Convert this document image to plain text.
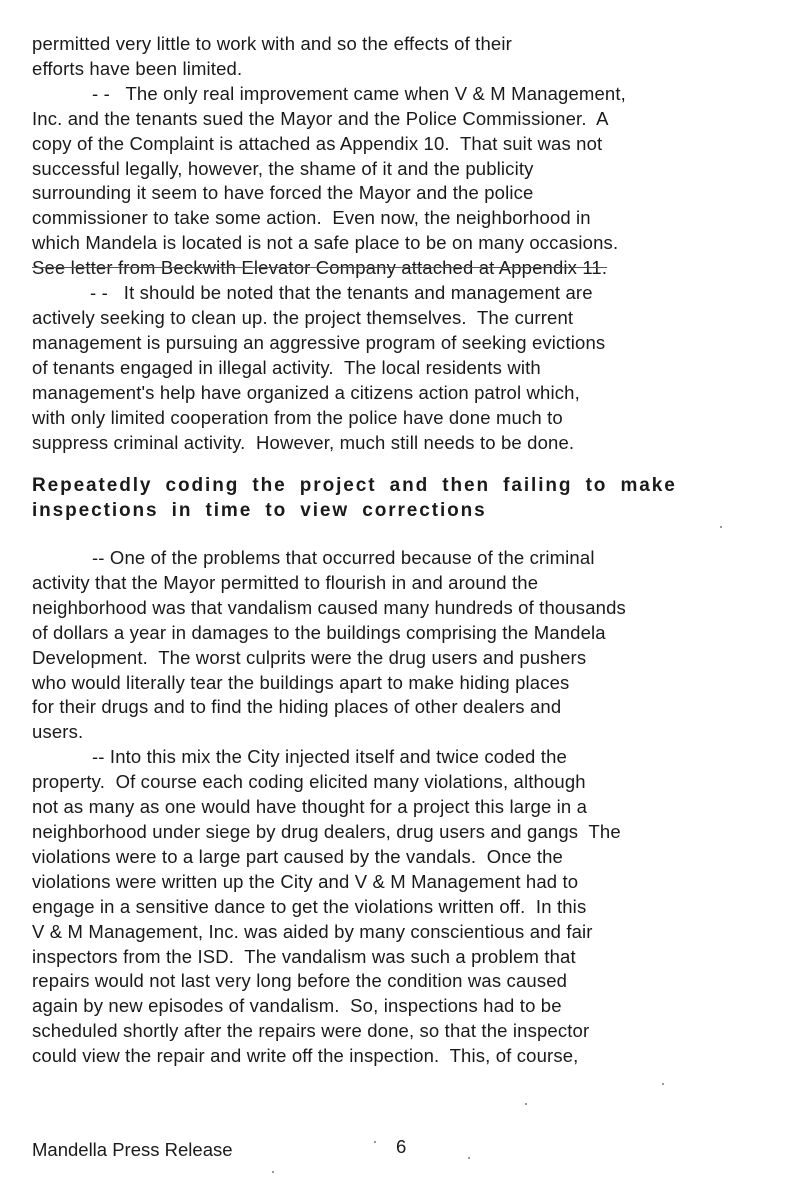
permitted very little to work with and so the effects of their
efforts have been limited.
- -   The only real improvement came when V & M Management,
Inc. and the tenants sued the Mayor and the Police Commissioner.  A
copy of the Complaint is attached as Appendix 10.  That suit was not
successful legally, however, the shame of it and the publicity
surrounding it seem to have forced the Mayor and the police
commissioner to take some action.  Even now, the neighborhood in
which Mandela is located is not a safe place to be on many occasions.
See letter from Beckwith Elevator Company attached at Appendix 11.
- -   It should be noted that the tenants and management are
actively seeking to clean up. the project themselves.  The current
management is pursuing an aggressive program of seeking evictions
of tenants engaged in illegal activity.  The local residents with
management's help have organized a citizens action patrol which,
with only limited cooperation from the police have done much to
suppress criminal activity.  However, much still needs to be done.
Repeatedly coding the project and then failing to make
inspections in time to view corrections
-- One of the problems that occurred because of the criminal
activity that the Mayor permitted to flourish in and around the
neighborhood was that vandalism caused many hundreds of thousands
of dollars a year in damages to the buildings comprising the Mandela
Development.  The worst culprits were the drug users and pushers
who would literally tear the buildings apart to make hiding places
for their drugs and to find the hiding places of other dealers and
users.
-- Into this mix the City injected itself and twice coded the
property.  Of course each coding elicited many violations, although
not as many as one would have thought for a project this large in a
neighborhood under siege by drug dealers, drug users and gangs  The
violations were to a large part caused by the vandals.  Once the
violations were written up the City and V & M Management had to
engage in a sensitive dance to get the violations written off.  In this
V & M Management, Inc. was aided by many conscientious and fair
inspectors from the ISD.  The vandalism was such a problem that
repairs would not last very long before the condition was caused
again by new episodes of vandalism.  So, inspections had to be
scheduled shortly after the repairs were done, so that the inspector
could view the repair and write off the inspection.  This, of course,
Mandella Press Release	6
